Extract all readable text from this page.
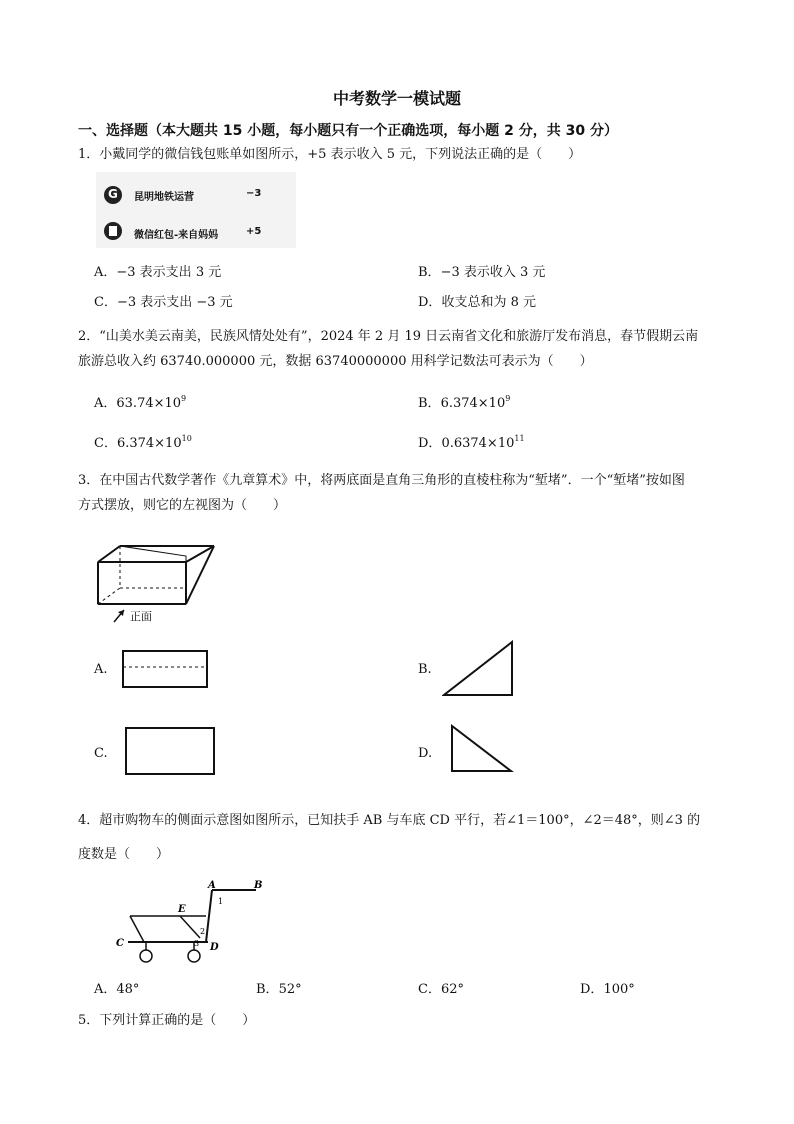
中考数学一模试题
一、选择题（本大题共 15 小题，每小题只有一个正确选项，每小题 2 分，共 30 分）
1．小戴同学的微信钱包账单如图所示，+5 表示收入 5 元，下列说法正确的是（　　）
G 昆明地铁运营	−3
微信红包-来自妈妈	+5
A．−3 表示支出 3 元	B．−3 表示收入 3 元
C．−3 表示支出 −3 元	D．收支总和为 8 元
2．“山美水美云南美，民族风情处处有”，2024 年 2 月 19 日云南省文化和旅游厅发布消息，春节假期云南
旅游总收入约 63740.000000 元，数据 63740000000 用科学记数法可表示为（　　）
A．$63.74\times 10^9$	B．$6.374\times 10^9$
C．$6.374\times 10^{10}$	D．$0.6374\times 10^{11}$
3．在中国古代数学著作《九章算术》中，将两底面是直角三角形的直棱柱称为“堑堵”．一个“堑堵”按如图
方式摆放，则它的左视图为（　　）
正面
A.	B.
C.	D.
4．超市购物车的侧面示意图如图所示，已知扶手 AB 与车底 CD 平行，若∠1＝100°，∠2＝48°，则∠3 的
度数是（　　）
A	B
E
C	D
1
2
3
A．48°	B．52°	C．62°	D．100°
5．下列计算正确的是（　　）
